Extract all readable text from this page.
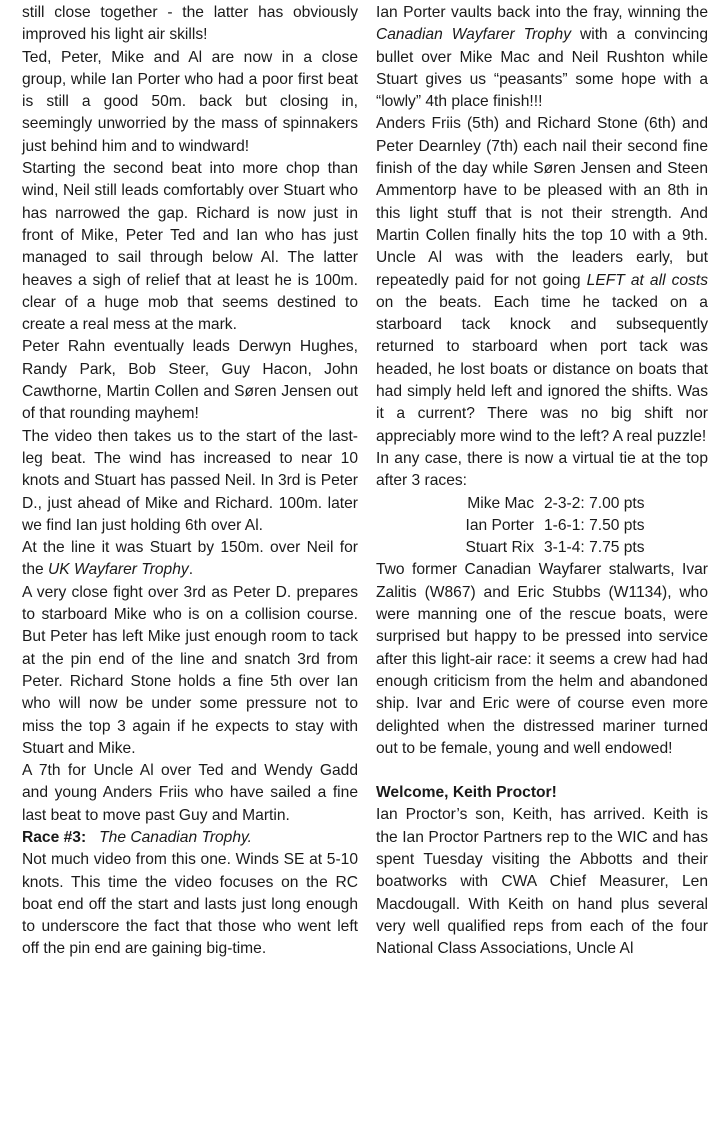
still close together - the latter has obviously improved his light air skills!

Ted, Peter, Mike and Al are now in a close group, while Ian Porter who had a poor first beat is still a good 50m. back but closing in, seemingly unworried by the mass of spinnakers just behind him and to windward!

Starting the second beat into more chop than wind, Neil still leads comfortably over Stuart who has narrowed the gap. Richard is now just in front of Mike, Peter Ted and Ian who has just managed to sail through below Al. The latter heaves a sigh of relief that at least he is 100m. clear of a huge mob that seems destined to create a real mess at the mark.

Peter Rahn eventually leads Derwyn Hughes, Randy Park, Bob Steer, Guy Hacon, John Cawthorne, Martin Collen and Søren Jensen out of that rounding mayhem!

The video then takes us to the start of the last-leg beat. The wind has increased to near 10 knots and Stuart has passed Neil. In 3rd is Peter D., just ahead of Mike and Richard. 100m. later we find Ian just holding 6th over Al.

At the line it was Stuart by 150m. over Neil for the UK Wayfarer Trophy.

A very close fight over 3rd as Peter D. prepares to starboard Mike who is on a collision course. But Peter has left Mike just enough room to tack at the pin end of the line and snatch 3rd from Peter. Richard Stone holds a fine 5th over Ian who will now be under some pressure not to miss the top 3 again if he expects to stay with Stuart and Mike.

A 7th for Uncle Al over Ted and Wendy Gadd and young Anders Friis who have sailed a fine last beat to move past Guy and Martin.

Race #3: The Canadian Trophy.

Not much video from this one. Winds SE at 5-10 knots. This time the video focuses on the RC boat end off the start and lasts just long enough to underscore the fact that those who went left off the pin end are gaining big-time.

Ian Porter vaults back into the fray, winning the Canadian Wayfarer Trophy with a convincing bullet over Mike Mac and Neil Rushton while Stuart gives us “peasants” some hope with a “lowly” 4th place finish!!!

Anders Friis (5th) and Richard Stone (6th) and Peter Dearnley (7th) each nail their second fine finish of the day while Søren Jensen and Steen Ammentorp have to be pleased with an 8th in this light stuff that is not their strength. And Martin Collen finally hits the top 10 with a 9th. Uncle Al was with the leaders early, but repeatedly paid for not going LEFT at all costs on the beats. Each time he tacked on a starboard tack knock and subsequently returned to starboard when port tack was headed, he lost boats or distance on boats that had simply held left and ignored the shifts. Was it a current? There was no big shift nor appreciably more wind to the left? A real puzzle!

In any case, there is now a virtual tie at the top after 3 races:

Mike Mac 2-3-2: 7.00 pts
Ian Porter 1-6-1: 7.50 pts
Stuart Rix 3-1-4: 7.75 pts

Two former Canadian Wayfarer stalwarts, Ivar Zalitis (W867) and Eric Stubbs (W1134), who were manning one of the rescue boats, were surprised but happy to be pressed into service after this light-air race: it seems a crew had had enough criticism from the helm and abandoned ship. Ivar and Eric were of course even more delighted when the distressed mariner turned out to be female, young and well endowed!

Welcome, Keith Proctor!

Ian Proctor’s son, Keith, has arrived. Keith is the Ian Proctor Partners rep to the WIC and has spent Tuesday visiting the Abbotts and their boatworks with CWA Chief Measurer, Len Macdougall. With Keith on hand plus several very well qualified reps from each of the four National Class Associations, Uncle Al
